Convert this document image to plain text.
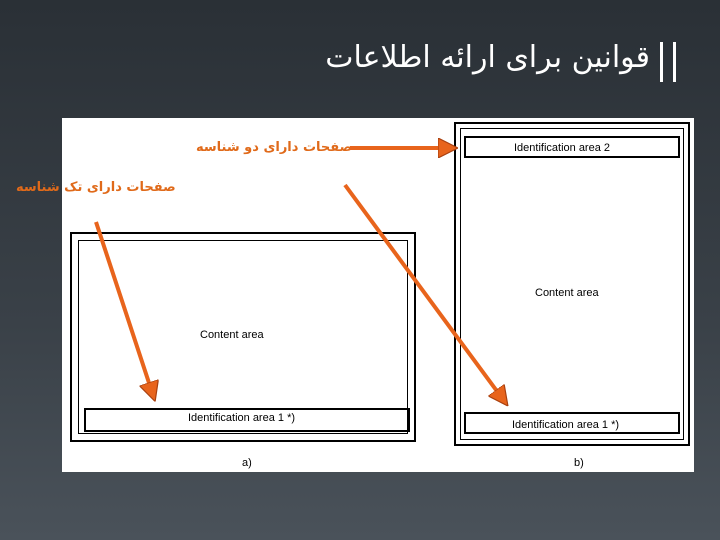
قوانین برای ارائه اطلاعات
Content area
Identification area 1 *)
a)
Identification area 2
Content area
Identification area 1 *)
b)
صفحات دارای دو شناسه
صفحات دارای تک شناسه
